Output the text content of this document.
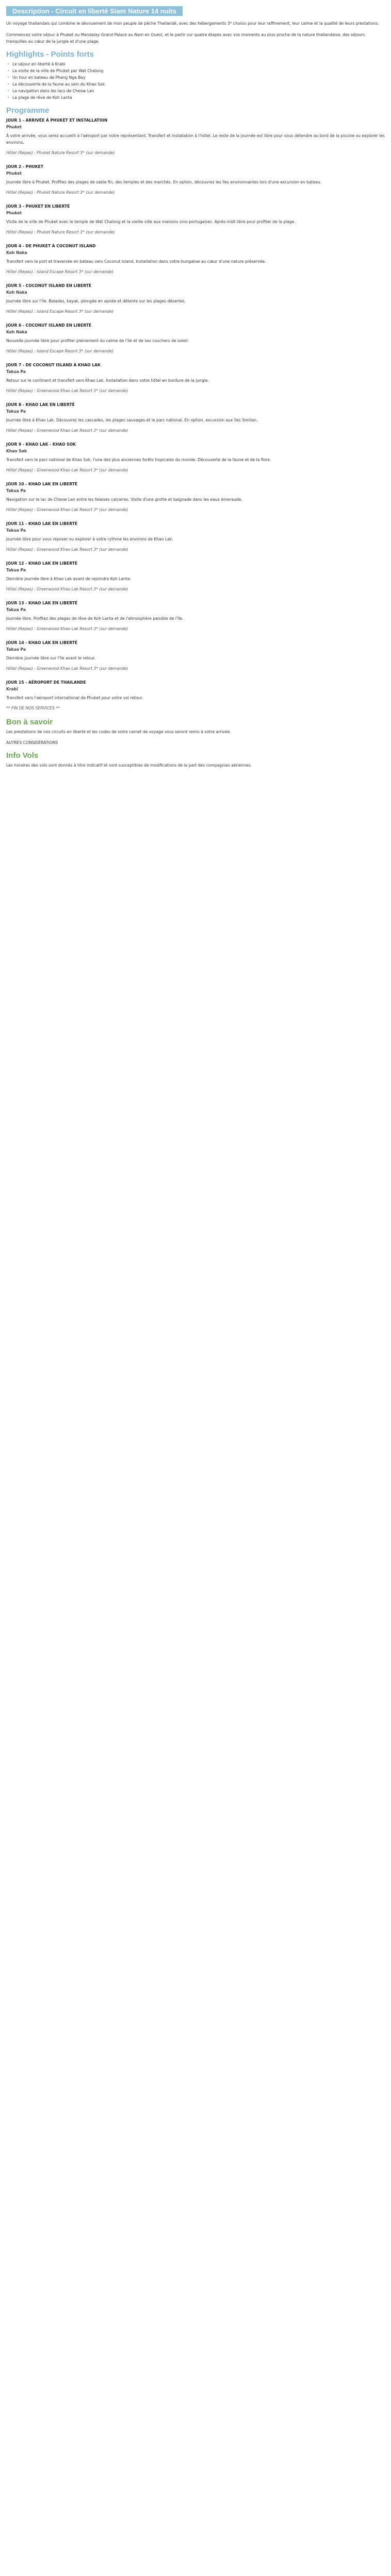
Description - Circuit en liberté Siam Nature 14 nuits

Un voyage thaïlandais qui combine le dévouement de mon peuple de pêche Thaïlandé, avec des hébergements 3* choisis pour leur raffinement, leur calme et la qualité de leurs prestations.

Commencez votre séjour à Phuket ou Mandalay Grand Palace au Nam en Ouest, et le partir sur quatre étapes avec vos moments au plus proche de la nature thaïlandaise, des séjours tranquilles au cœur de la jungle et d'une plage.

Highlights - Points forts
• Le séjour en liberté à Krabi
• La visite de la ville de Phuket par Wat Chalong
• Un tour en bateau de Phang Nga Bay
• La découverte de la faune au sein du Khao Sok
• La navigation dans les lacs de Cheow Lan
• La plage de rêve de Koh Lanta
Programme
JOUR 1 - ARRIVÉE À PHUKET ET INSTALLATION
Phuket

À votre arrivée, vous serez accueilli à l'aéroport par notre représentant. Transfert et installation à l'hôtel. Le reste de la journée est libre pour vous détendre au bord de la piscine ou explorer les environs.

Hôtel (Repas) : Phuket Nature Resort 3* (sur demande)

JOUR 2 - PHUKET
Phuket

Journée libre à Phuket. Profitez des plages de sable fin, des temples et des marchés. En option, découvrez les îles environnantes lors d'une excursion en bateau.

Hôtel (Repas) : Phuket Nature Resort 3* (sur demande)

JOUR 3 - PHUKET EN LIBERTÉ
Phuket

Visite de la ville de Phuket avec le temple de Wat Chalong et la vieille ville aux maisons sino-portugaises. Après-midi libre pour profiter de la plage.

Hôtel (Repas) : Phuket Nature Resort 3* (sur demande)

JOUR 4 - DE PHUKET À COCONUT ISLAND
Koh Naka

Transfert vers le port et traversée en bateau vers Coconut Island. Installation dans votre bungalow au cœur d'une nature préservée.

Hôtel (Repas) : Island Escape Resort 3* (sur demande)

JOUR 5 - COCONUT ISLAND EN LIBERTÉ
Koh Naka

Journée libre sur l'île. Balades, kayak, plongée en apnée et détente sur les plages désertes.

Hôtel (Repas) : Island Escape Resort 3* (sur demande)

JOUR 6 - COCONUT ISLAND EN LIBERTÉ
Koh Naka

Nouvelle journée libre pour profiter pleinement du calme de l'île et de ses couchers de soleil.

Hôtel (Repas) : Island Escape Resort 3* (sur demande)

JOUR 7 - DE COCONUT ISLAND À KHAO LAK
Takua Pa

Retour sur le continent et transfert vers Khao Lak. Installation dans votre hôtel en bordure de la jungle.

Hôtel (Repas) : Greenwood Khao Lak Resort 3* (sur demande)

JOUR 8 - KHAO LAK EN LIBERTÉ
Takua Pa

Journée libre à Khao Lak. Découvrez les cascades, les plages sauvages et le parc national. En option, excursion aux îles Similan.

Hôtel (Repas) : Greenwood Khao Lak Resort 3* (sur demande)

JOUR 9 - KHAO LAK - KHAO SOK
Khao Sok

Transfert vers le parc national de Khao Sok, l'une des plus anciennes forêts tropicales du monde. Découverte de la faune et de la flore.

Hôtel (Repas) : Greenwood Khao Lak Resort 3* (sur demande)

JOUR 10 - KHAO LAK EN LIBERTÉ
Takua Pa

Navigation sur le lac de Cheow Lan entre les falaises calcaires. Visite d'une grotte et baignade dans les eaux émeraude.

Hôtel (Repas) : Greenwood Khao Lak Resort 3* (sur demande)

JOUR 11 - KHAO LAK EN LIBERTÉ
Takua Pa

Journée libre pour vous reposer ou explorer à votre rythme les environs de Khao Lak.

Hôtel (Repas) : Greenwood Khao Lak Resort 3* (sur demande)

JOUR 12 - KHAO LAK EN LIBERTÉ
Takua Pa

Dernière journée libre à Khao Lak avant de rejoindre Koh Lanta.

Hôtel (Repas) : Greenwood Khao Lak Resort 3* (sur demande)

JOUR 13 - KHAO LAK EN LIBERTÉ
Takua Pa

Journée libre. Profitez des plages de rêve de Koh Lanta et de l'atmosphère paisible de l'île.

Hôtel (Repas) : Greenwood Khao Lak Resort 3* (sur demande)

JOUR 14 - KHAO LAK EN LIBERTÉ
Takua Pa

Dernière journée libre sur l'île avant le retour.

Hôtel (Repas) : Greenwood Khao Lak Resort 3* (sur demande)

JOUR 15 - AÉROPORT DE THAILANDE
Krabi

Transfert vers l'aéroport international de Phuket pour votre vol retour.

** FIN DE NOS SERVICES **

Bon à savoir

Les prestations de nos circuits en liberté et les codes de votre carnet de voyage vous seront remis à votre arrivée.

AUTRES CONSIDÉRATIONS

Info Vols

Les horaires des vols sont donnés à titre indicatif et sont susceptibles de modifications de la part des compagnies aériennes.
